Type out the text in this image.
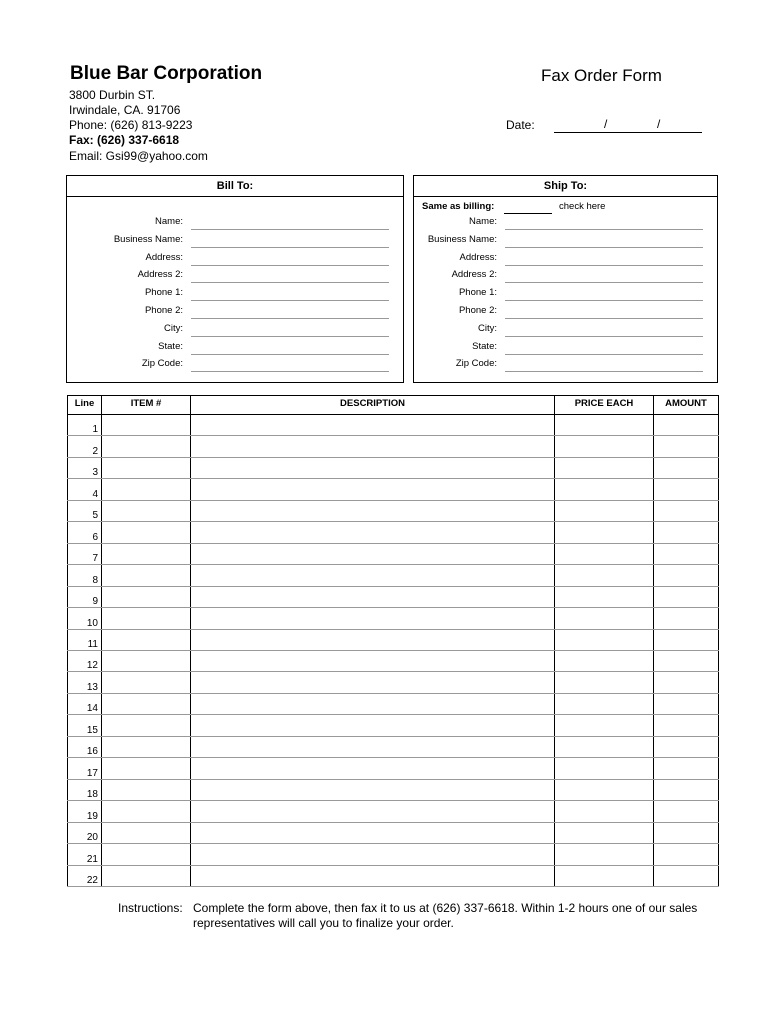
Blue Bar Corporation	Fax Order Form
3800 Durbin ST.
Irwindale, CA. 91706
Phone: (626) 813-9223
Fax: (626) 337-6618
Email: Gsi99@yahoo.com
Date:	/	/
Bill To:
Name:
Business Name:
Address:
Address 2:
Phone 1:
Phone 2:
City:
State:
Zip Code:
Ship To:
Same as billing:	check here
Name:
Business Name:
Address:
Address 2:
Phone 1:
Phone 2:
City:
State:
Zip Code:
Line	ITEM #	DESCRIPTION	PRICE EACH	AMOUNT
1				
2				
3				
4				
5				
6				
7				
8				
9				
10				
11				
12				
13				
14				
15				
16				
17				
18				
19				
20				
21				
22				
Instructions: Complete the form above, then fax it to us at (626) 337-6618. Within 1-2 hours one of our sales representatives will call you to finalize your order.
